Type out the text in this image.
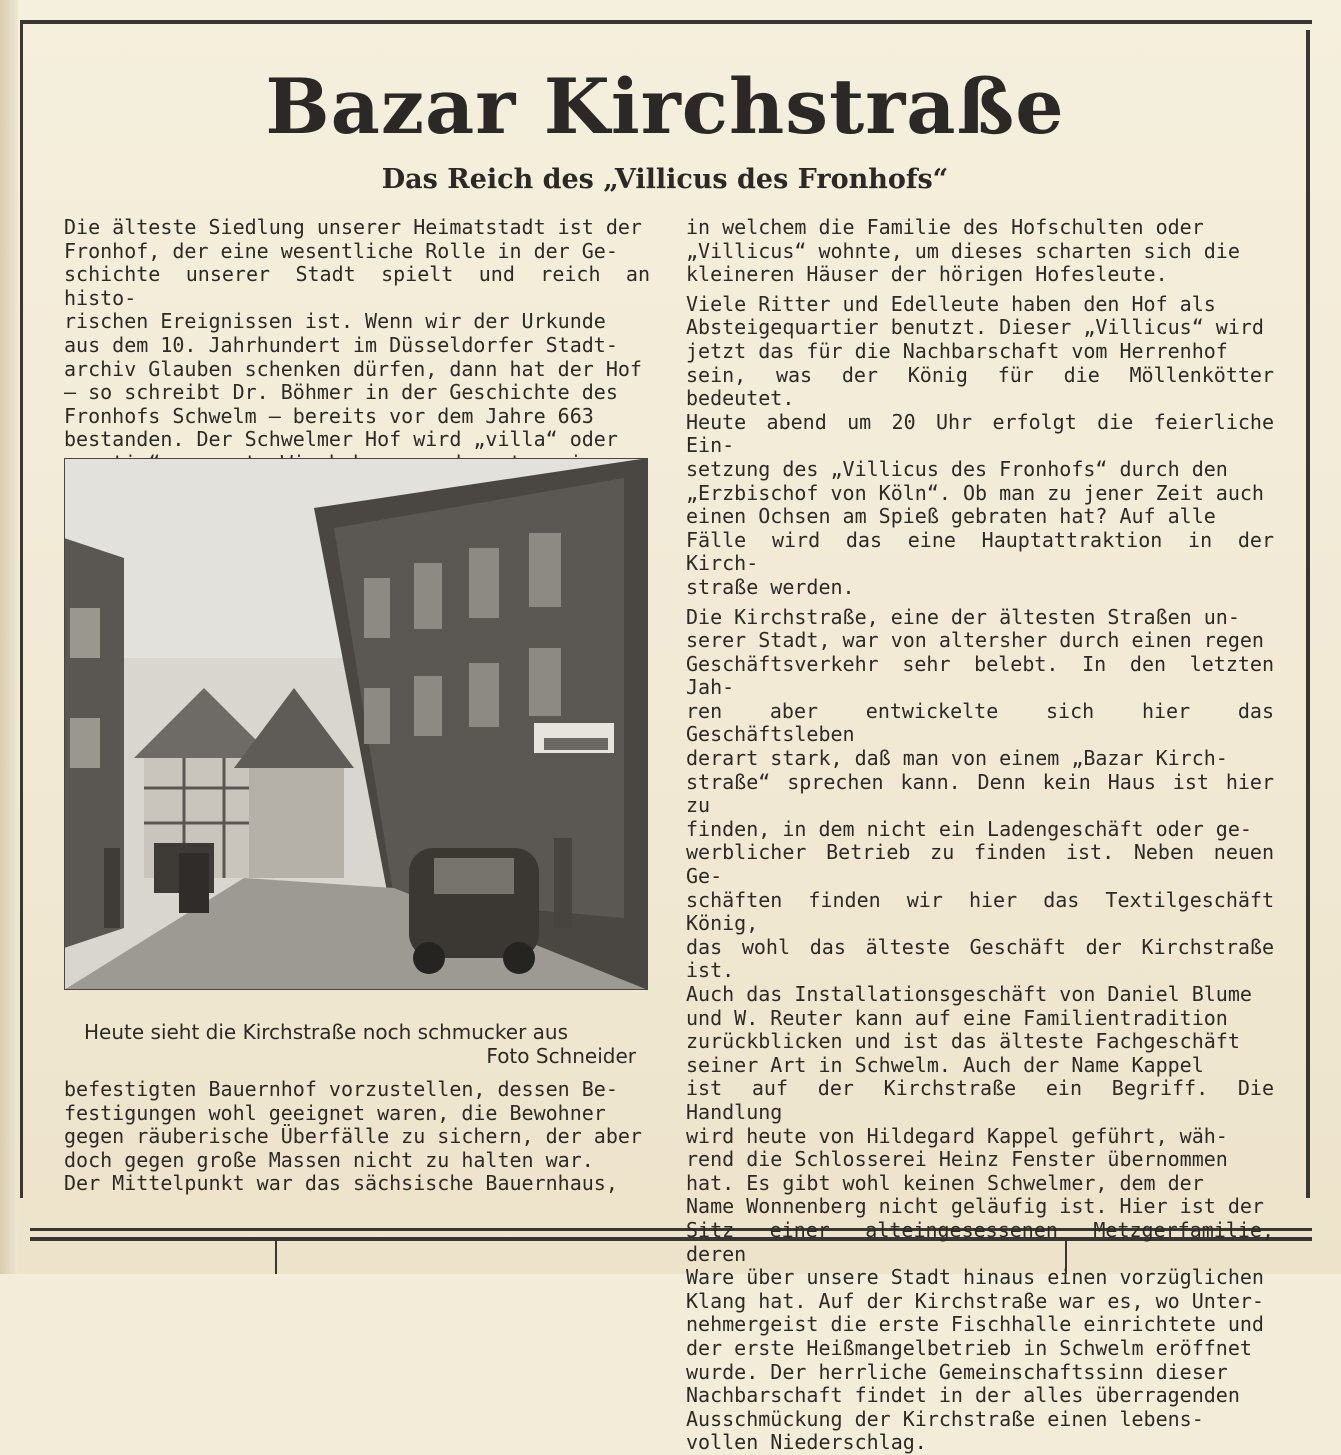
Bazar Kirchstraße
Das Reich des „Villicus des Fronhofs“

Die älteste Siedlung unserer Heimatstadt ist der
Fronhof, der eine wesentliche Rolle in der Ge-
schichte unserer Stadt spielt und reich an histo-
rischen Ereignissen ist. Wenn wir der Urkunde
aus dem 10. Jahrhundert im Düsseldorfer Stadt-
archiv Glauben schenken dürfen, dann hat der Hof
— so schreibt Dr. Böhmer in der Geschichte des
Fronhofs Schwelm — bereits vor dem Jahre 663
bestanden. Der Schwelmer Hof wird „villa“ oder

Heute sieht die Kirchstraße noch schmucker aus
Foto Schneider

befestigten Bauernhof vorzustellen, dessen Be-
festigungen wohl geeignet waren, die Bewohner
gegen räuberische Überfälle zu sichern, der aber
doch gegen große Massen nicht zu halten war.
Der Mittelpunkt war das sächsische Bauernhaus,

in welchem die Familie des Hofschulten oder
„Villicus“ wohnte, um dieses scharten sich die
kleineren Häuser der hörigen Hofesleute.

Viele Ritter und Edelleute haben den Hof als
Absteigequartier benutzt. Dieser „Villicus“ wird
jetzt das für die Nachbarschaft vom Herrenhof
sein, was der König für die Möllenkötter bedeutet.
Heute abend um 20 Uhr erfolgt die feierliche Ein-
setzung des „Villicus des Fronhofs“ durch den
„Erzbischof von Köln“. Ob man zu jener Zeit auch
einen Ochsen am Spieß gebraten hat? Auf alle
Fälle wird das eine Hauptattraktion in der Kirch-
straße werden.

Die Kirchstraße, eine der ältesten Straßen un-
serer Stadt, war von altersher durch einen regen
Geschäftsverkehr sehr belebt. In den letzten Jah-
ren aber entwickelte sich hier das Geschäftsleben
derart stark, daß man von einem „Bazar Kirch-
straße“ sprechen kann. Denn kein Haus ist hier zu
finden, in dem nicht ein Ladengeschäft oder ge-
werblicher Betrieb zu finden ist. Neben neuen Ge-
schäften finden wir hier das Textilgeschäft König,
das wohl das älteste Geschäft der Kirchstraße ist.
Auch das Installationsgeschäft von Daniel Blume
und W. Reuter kann auf eine Familientradition
zurückblicken und ist das älteste Fachgeschäft
seiner Art in Schwelm. Auch der Name Kappel
ist auf der Kirchstraße ein Begriff. Die Handlung
wird heute von Hildegard Kappel geführt, wäh-
rend die Schlosserei Heinz Fenster übernommen
hat. Es gibt wohl keinen Schwelmer, dem der
Name Wonnenberg nicht geläufig ist. Hier ist der
Sitz einer alteingesessenen Metzgerfamilie, deren
Ware über unsere Stadt hinaus einen vorzüglichen
Klang hat. Auf der Kirchstraße war es, wo Unter-
nehmergeist die erste Fischhalle einrichtete und
der erste Heißmangelbetrieb in Schwelm eröffnet
wurde. Der herrliche Gemeinschaftssinn dieser
Nachbarschaft findet in der alles überragenden
Ausschmückung der Kirchstraße einen lebens-
vollen Niederschlag.
